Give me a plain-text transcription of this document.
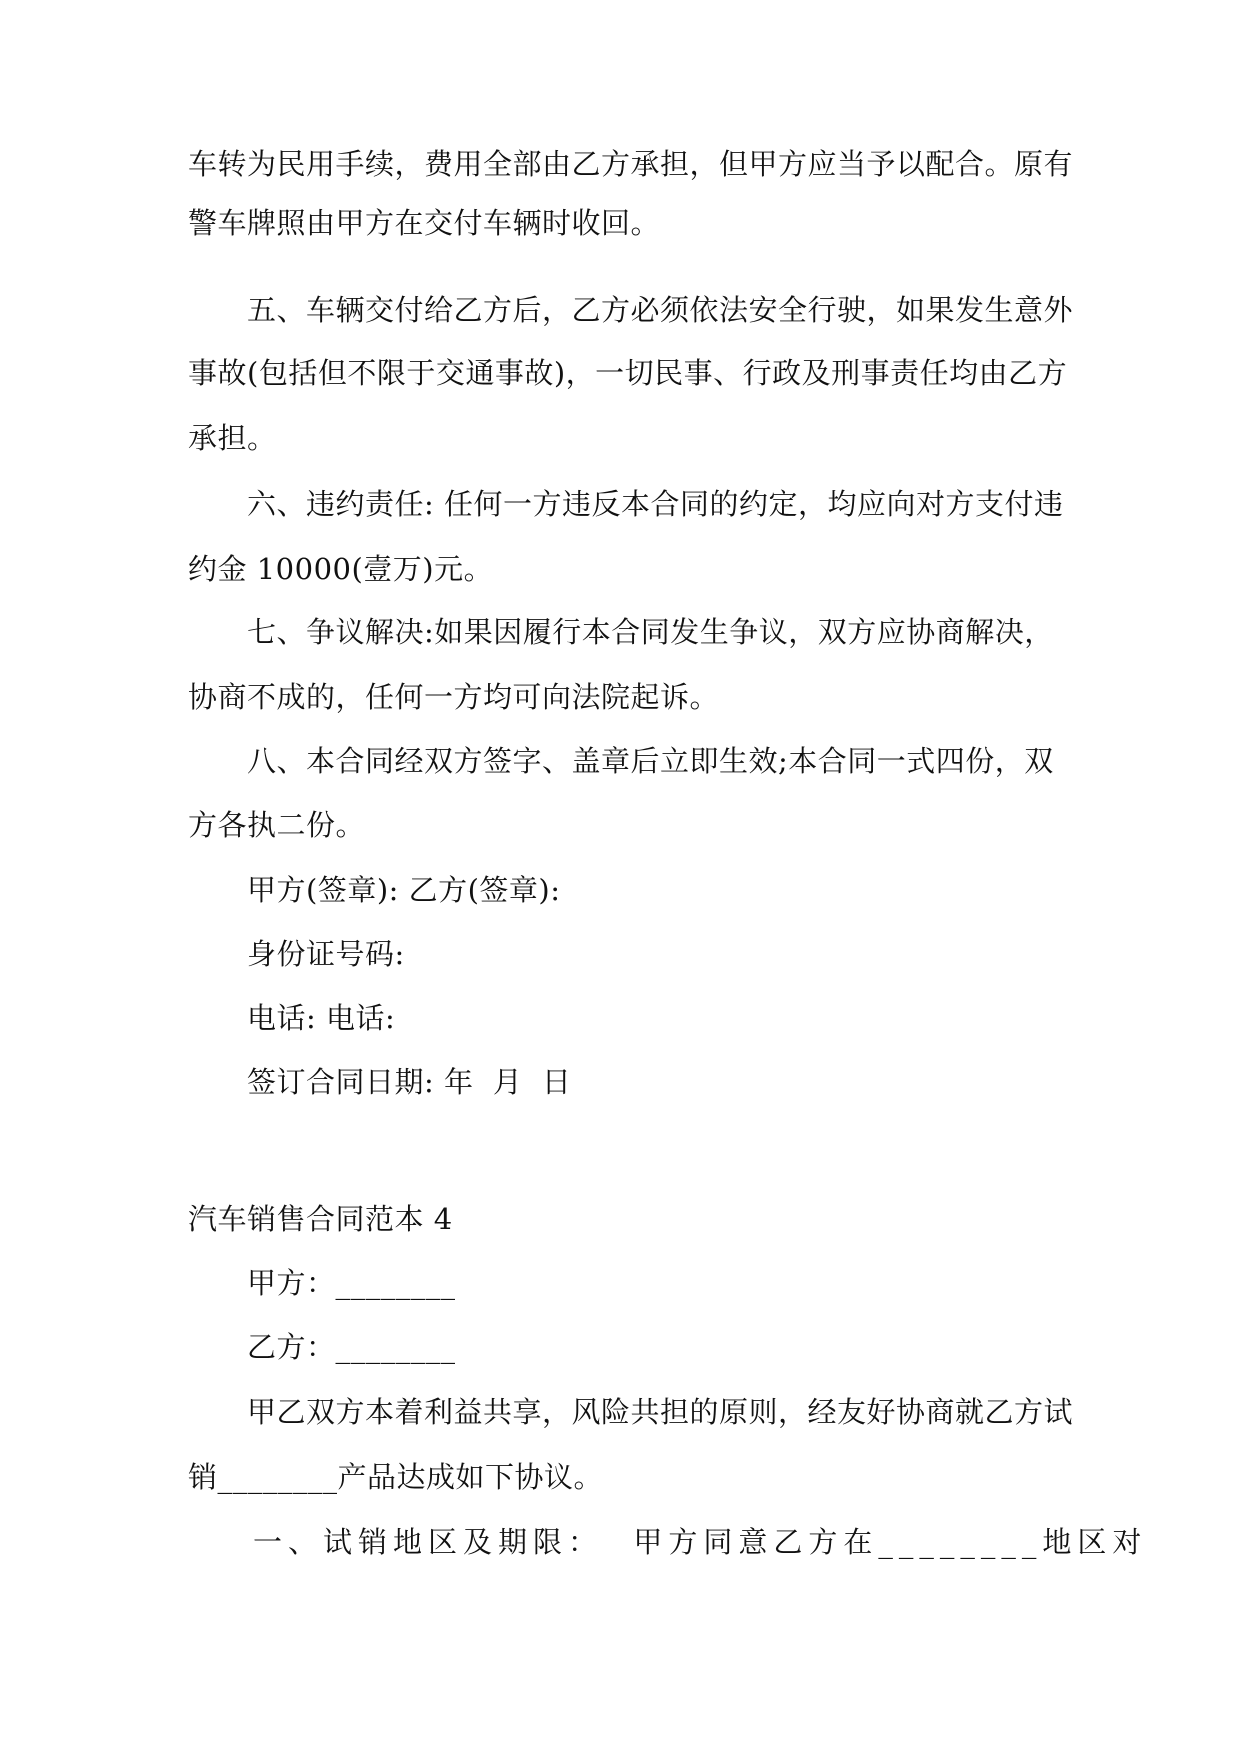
车转为民用手续，费用全部由乙方承担，但甲方应当予以配合。原有
警车牌照由甲方在交付车辆时收回。
五、车辆交付给乙方后，乙方必须依法安全行驶，如果发生意外
事故(包括但不限于交通事故)，一切民事、行政及刑事责任均由乙方
承担。
六、违约责任: 任何一方违反本合同的约定，均应向对方支付违
约金 10000(壹万)元。
七、争议解决:如果因履行本合同发生争议，双方应协商解决，
协商不成的，任何一方均可向法院起诉。
八、本合同经双方签字、盖章后立即生效;本合同一式四份，双
方各执二份。
甲方(签章): 乙方(签章):
身份证号码:
电话: 电话:
签订合同日期: 年  月  日
汽车销售合同范本 4
甲方：________
乙方：________
甲乙双方本着利益共享，风险共担的原则，经友好协商就乙方试
销________产品达成如下协议。
一、试销地区及期限：  甲方同意乙方在________地区对
